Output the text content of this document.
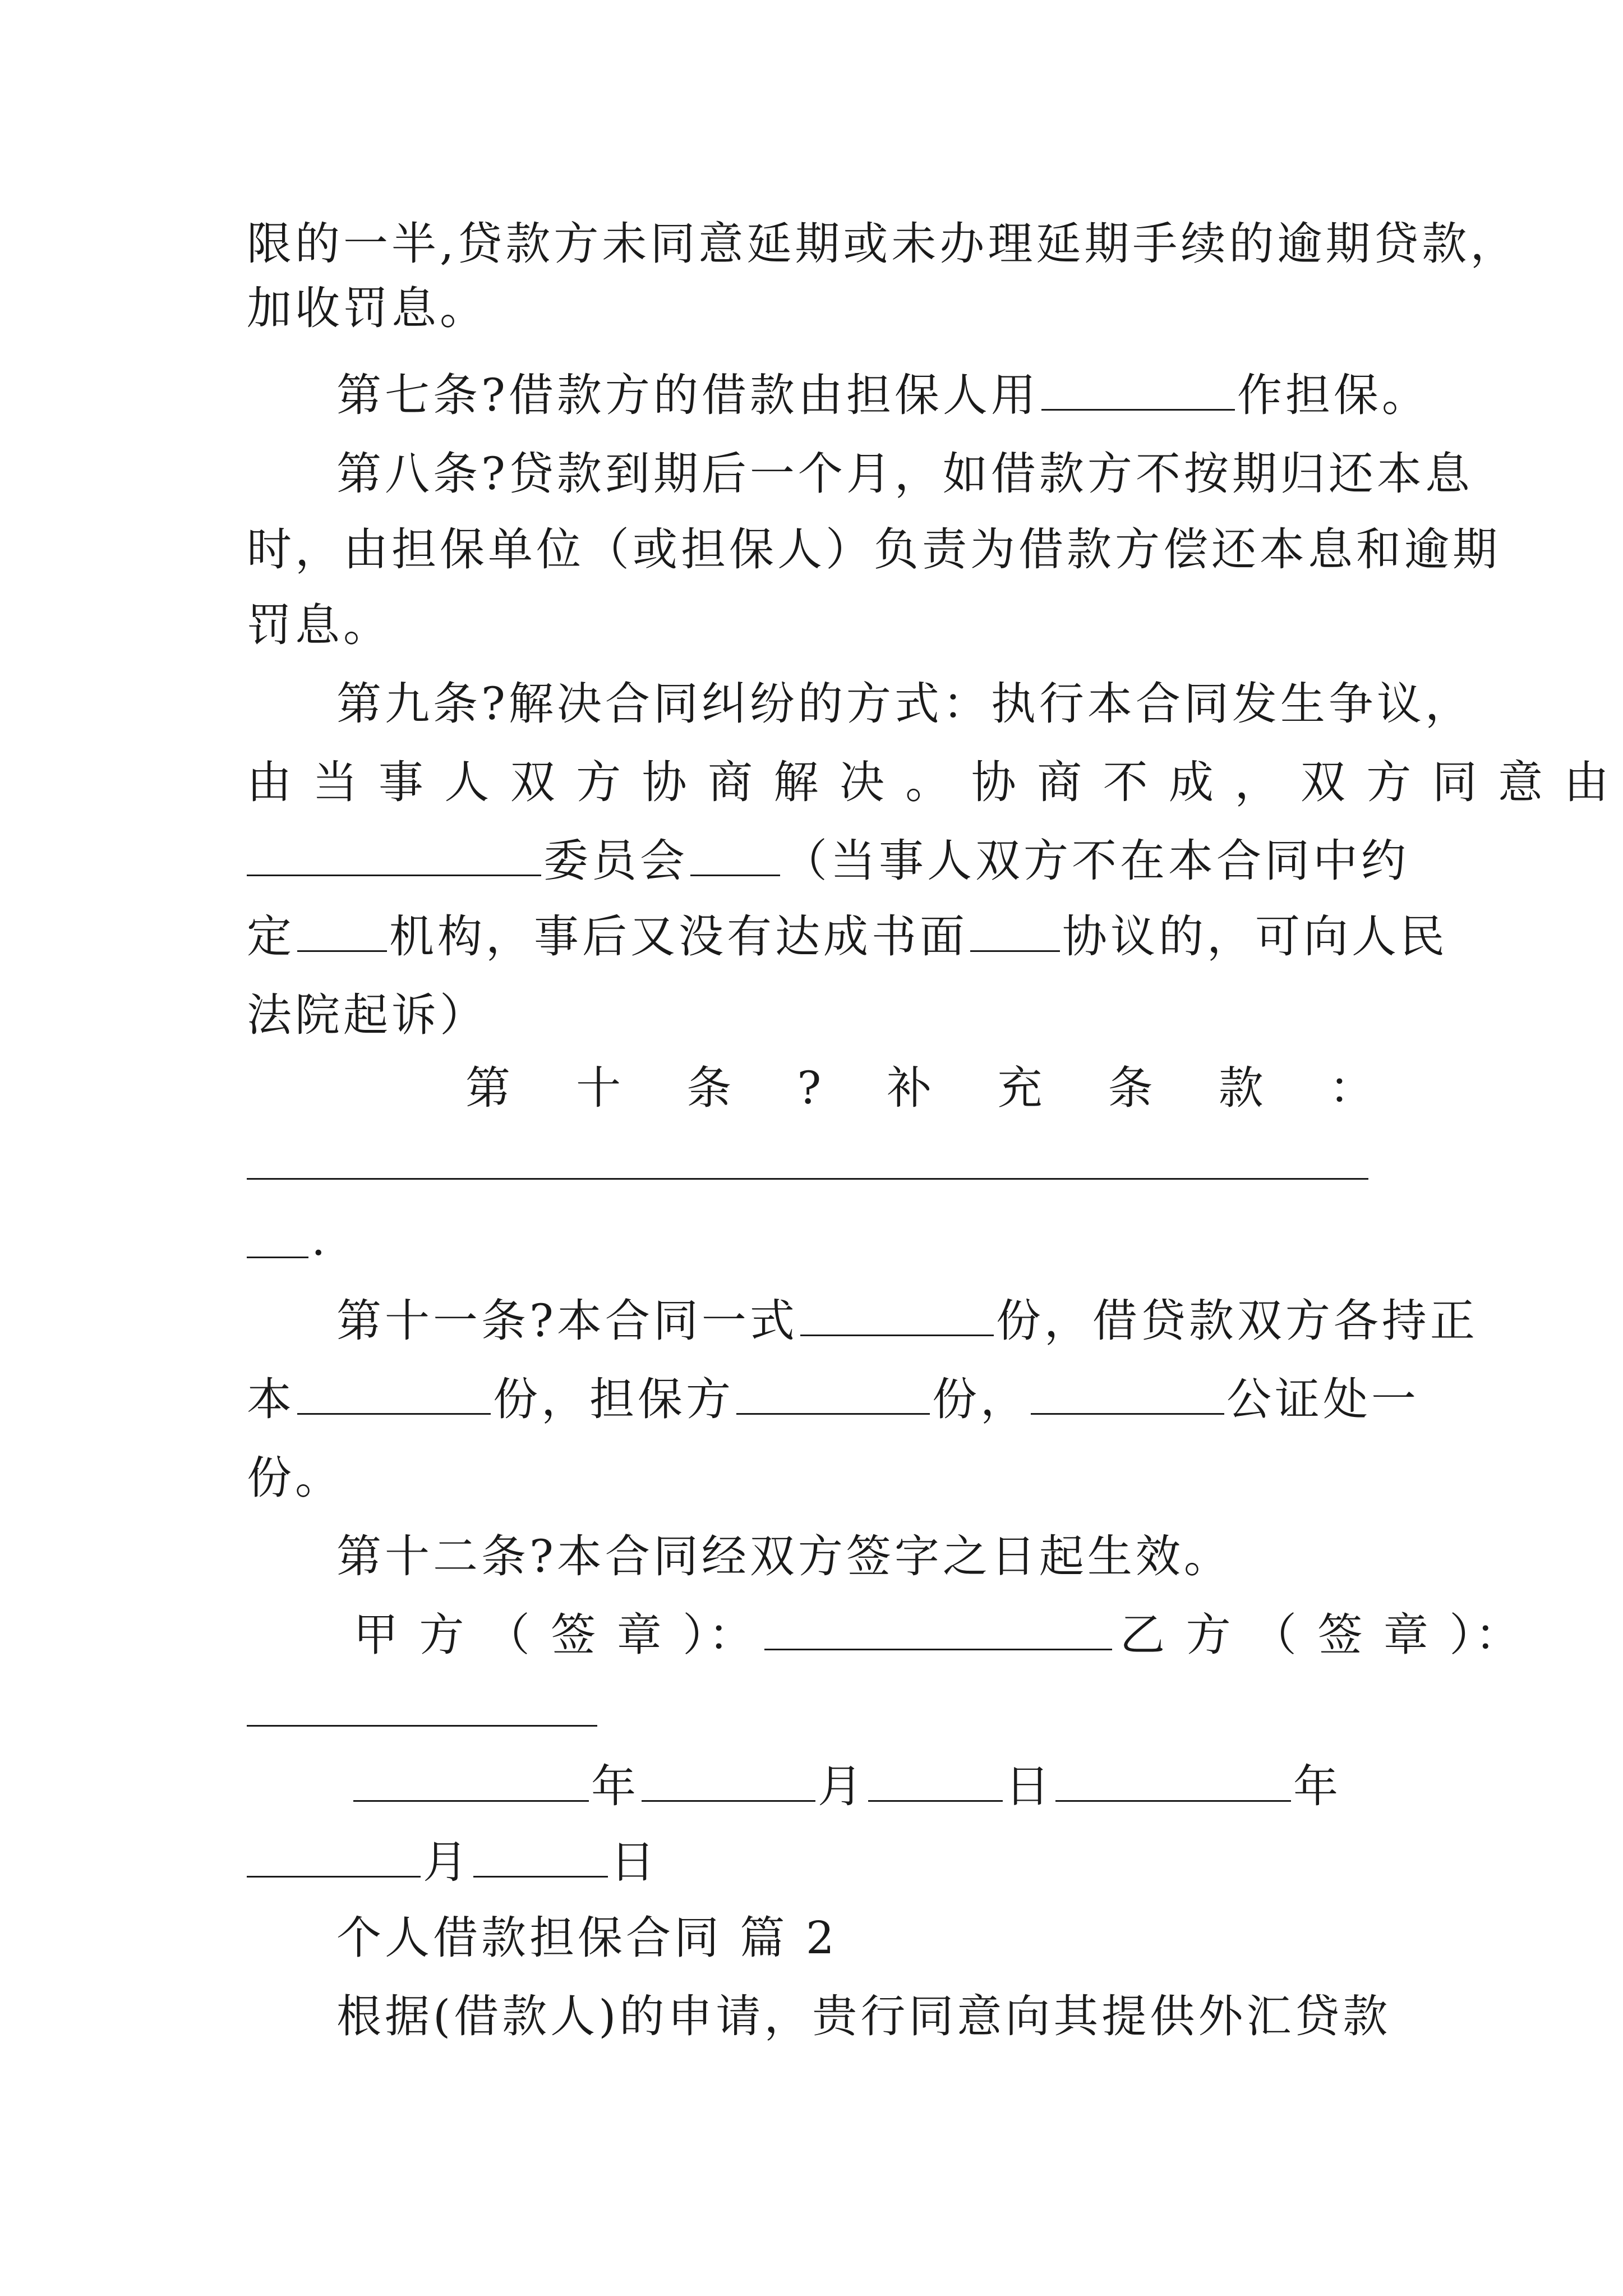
限的一半,贷款方未同意延期或未办理延期手续的逾期贷款，
加收罚息。
第七条?借款方的借款由担保人用	作担保。
第八条?贷款到期后一个月，如借款方不按期归还本息
时，由担保单位（或担保人）负责为借款方偿还本息和逾期
罚息。
第九条?解决合同纠纷的方式：执行本合同发生争议，
由 当 事 人 双 方 协 商 解 决 。 协 商 不 成 ， 双 方 同 意 由
委员会 （当事人双方不在本合同中约
定 机构，事后又没有达成书面 协议的，可向人民
法院起诉）
第 十 条 ? 补 充 条 款 ：
.
第十一条?本合同一式	份，借贷款双方各持正
本	份，担保方	份，	公证处一
份。
第十二条?本合同经双方签字之日起生效。
甲 方 （ 签 章 ）：	乙 方 （ 签 章 ）：
年	月	日	年
月	日
个人借款担保合同 篇 2
根据(借款人)的申请，贵行同意向其提供外汇贷款
